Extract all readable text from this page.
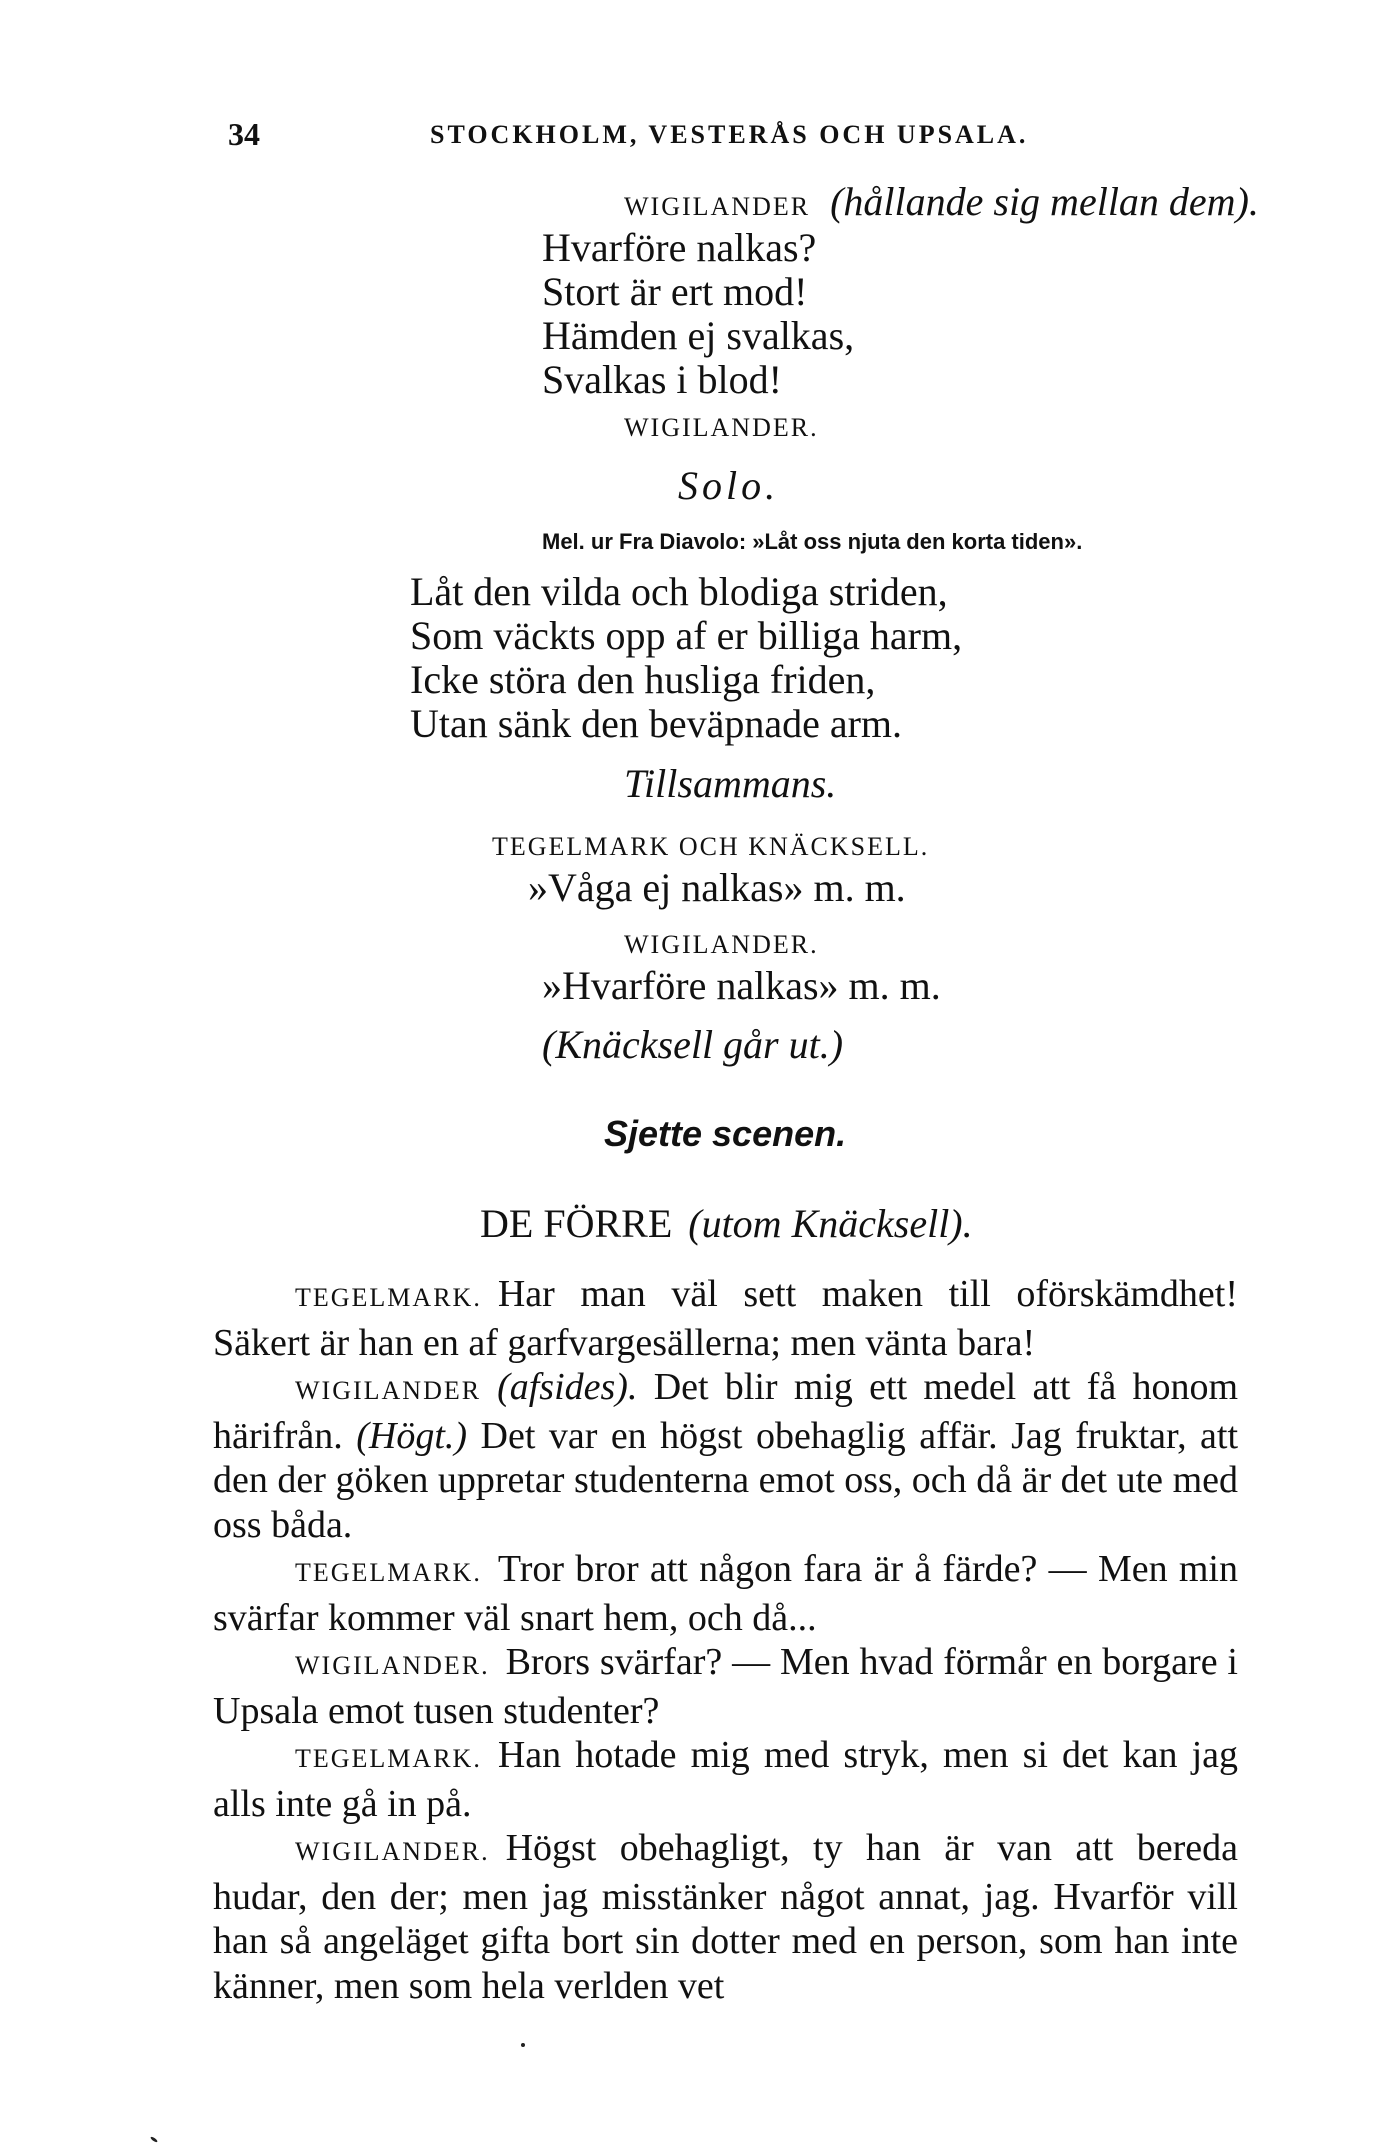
34	STOCKHOLM, VESTERÅS OCH UPSALA.
WIGILANDER (hållande sig mellan dem).
Hvarföre nalkas?
Stort är ert mod!
Hämden ej svalkas,
Svalkas i blod!
WIGILANDER.
Solo.
Mel. ur Fra Diavolo: »Låt oss njuta den korta tiden».
Låt den vilda och blodiga striden,
Som väckts opp af er billiga harm,
Icke störa den husliga friden,
Utan sänk den beväpnade arm.
Tillsammans.
TEGELMARK OCH KNÄCKSELL.
»Våga ej nalkas» m. m.
WIGILANDER.
»Hvarföre nalkas» m. m.
(Knäcksell går ut.)
Sjette scenen.
DE FÖRRE (utom Knäcksell).

TEGELMARK. Har man väl sett maken till oförskämdhet! Säkert är han en af garfvargesällerna; men vänta bara!

WIGILANDER (afsides). Det blir mig ett medel att få honom härifrån. (Högt.) Det var en högst obehaglig affär. Jag fruktar, att den der göken uppretar studenterna emot oss, och då är det ute med oss båda.

TEGELMARK. Tror bror att någon fara är å färde? — Men min svärfar kommer väl snart hem, och då...

WIGILANDER. Brors svärfar? — Men hvad förmår en borgare i Upsala emot tusen studenter?

TEGELMARK. Han hotade mig med stryk, men si det kan jag alls inte gå in på.

WIGILANDER. Högst obehagligt, ty han är van att bereda hudar, den der; men jag misstänker något annat, jag. Hvarför vill han så angeläget gifta bort sin dotter med en person, som han inte känner, men som hela verlden vet
